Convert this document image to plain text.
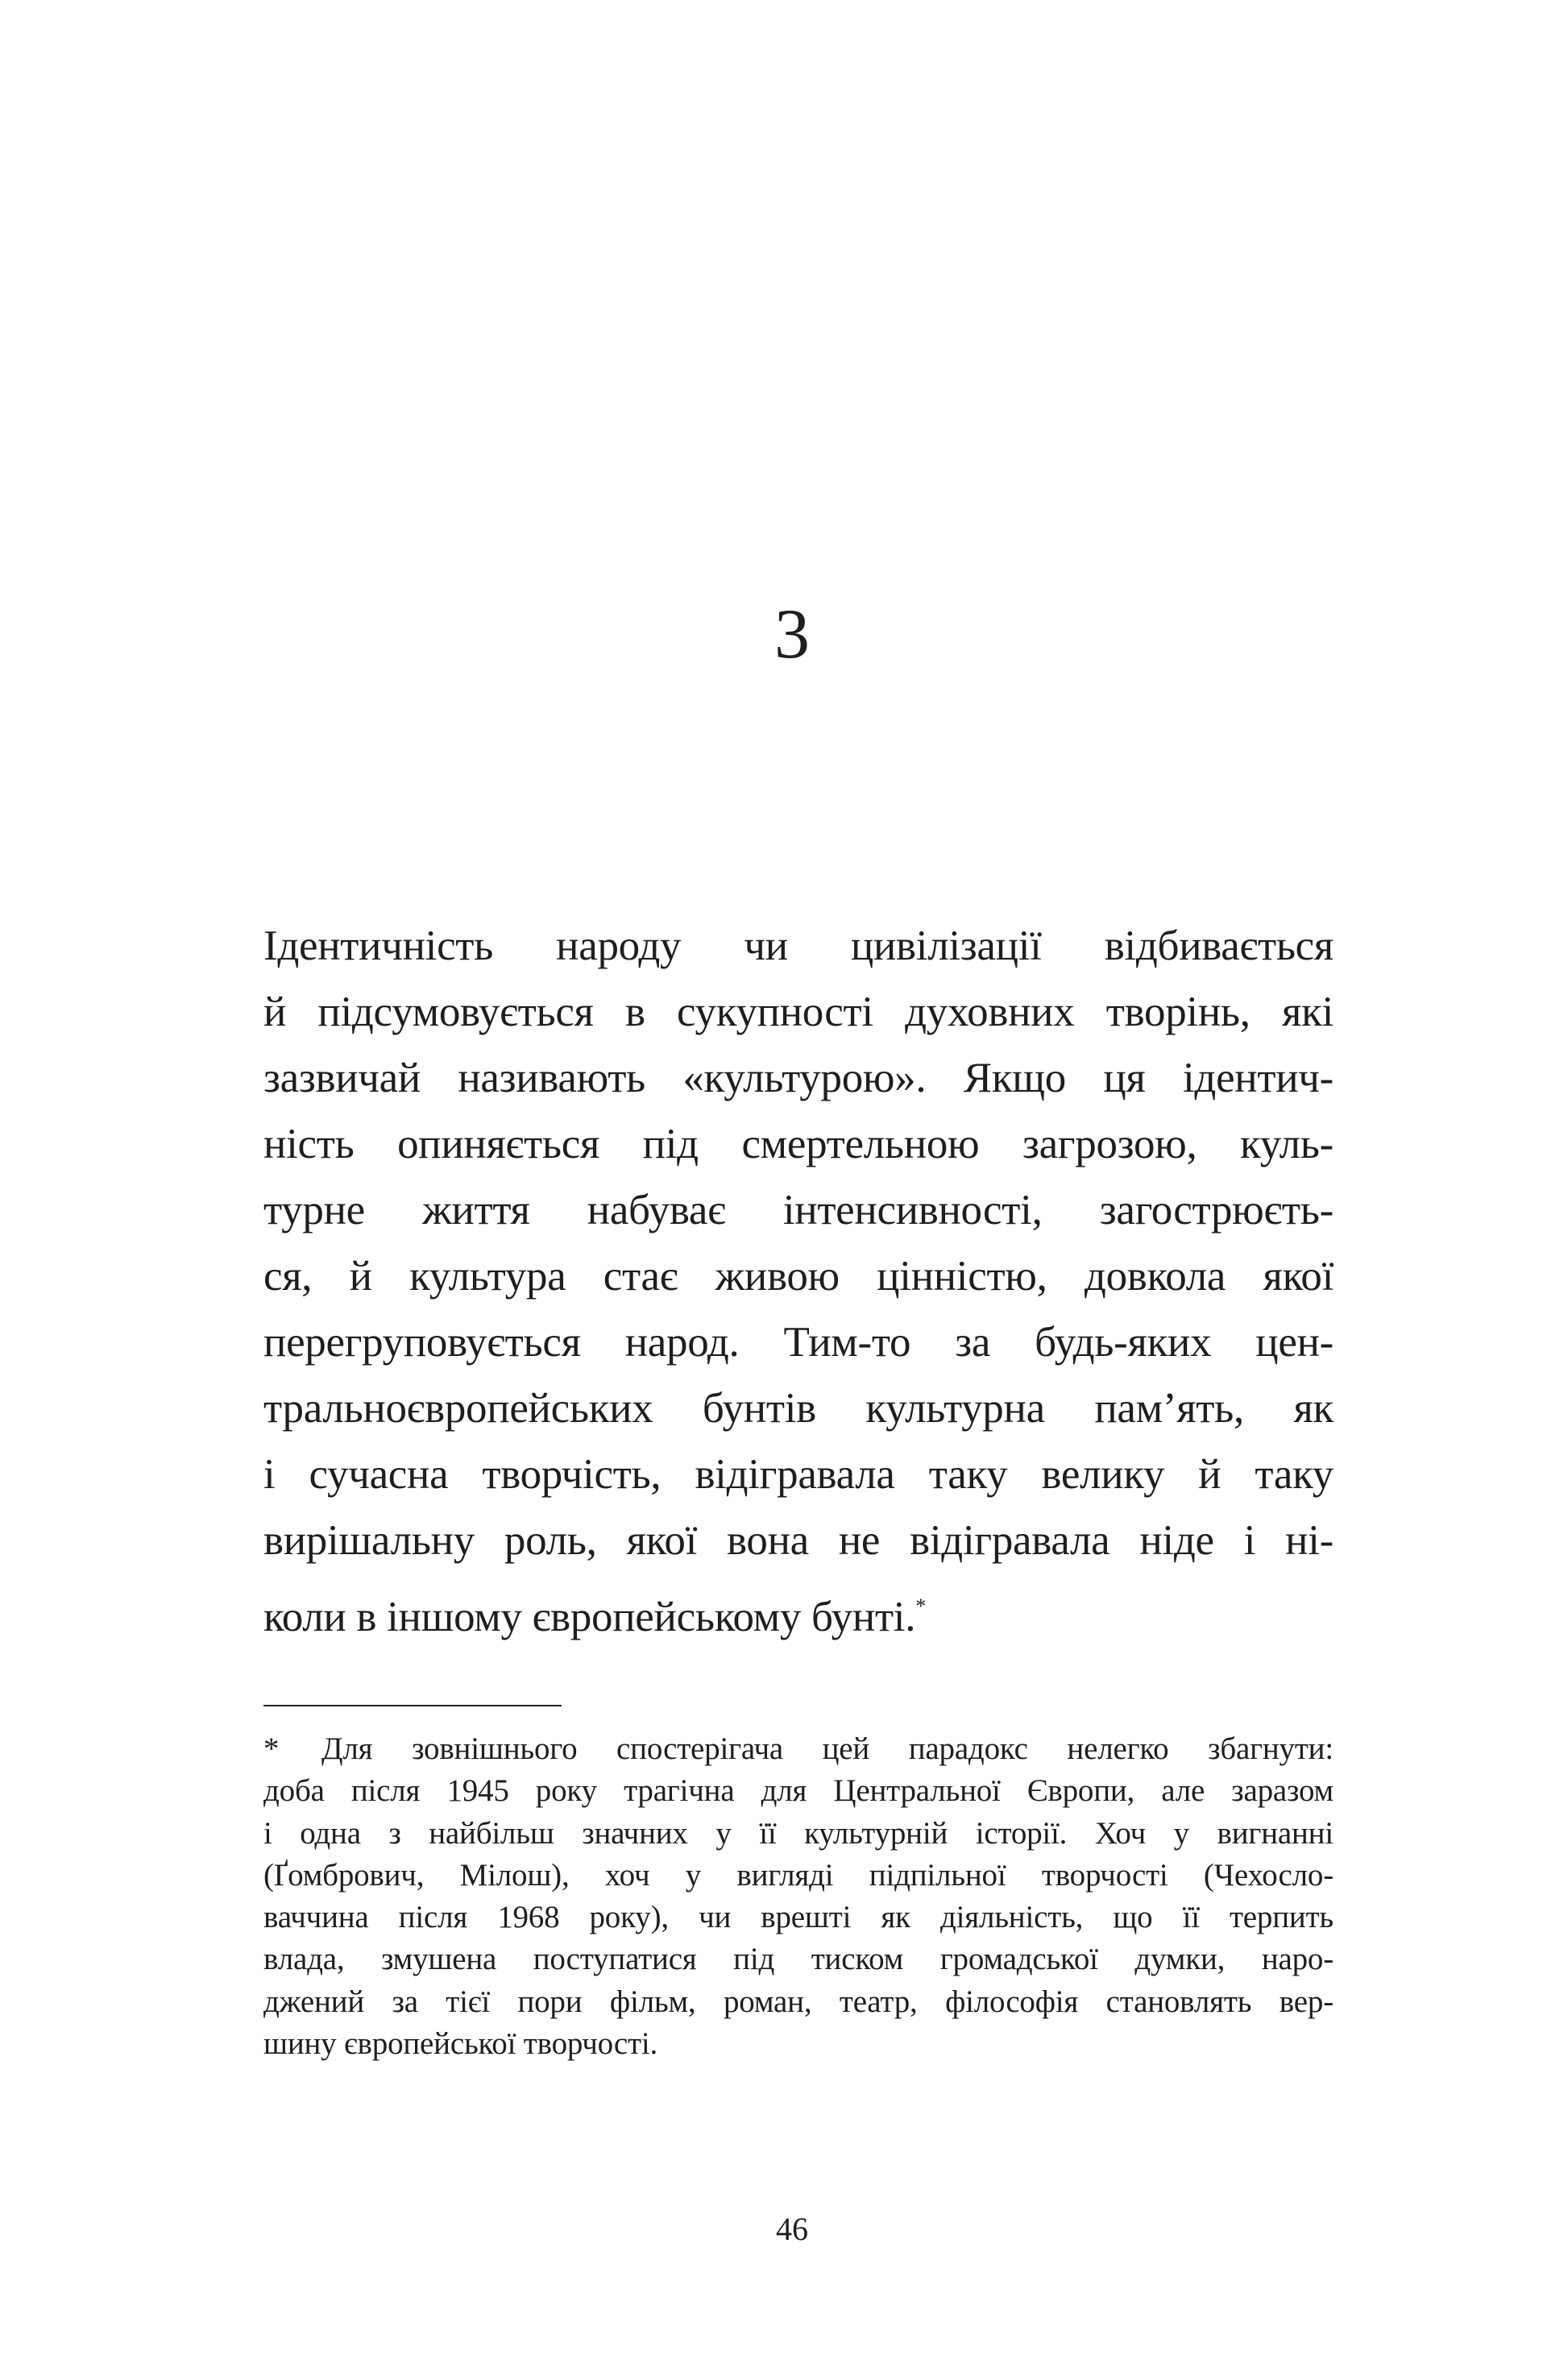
3
Ідентичність народу чи цивілізації відбивається
й підсумовується в сукупності духовних творінь, які
зазвичай називають «культурою». Якщо ця ідентич-
ність опиняється під смертельною загрозою, куль-
турне життя набуває інтенсивності, загострюєть-
ся, й культура стає живою цінністю, довкола якої
перегруповується народ. Тим-то за будь-яких цен-
тральноєвропейських бунтів культурна пам’ять, як
і сучасна творчість, відігравала таку велику й таку
вирішальну роль, якої вона не відігравала ніде і ні-
коли в іншому європейському бунті.*
* Для зовнішнього спостерігача цей парадокс нелегко збагнути:
доба після 1945 року трагічна для Центральної Європи, але заразом
і одна з найбільш значних у її культурній історії. Хоч у вигнанні
(Ґомбрович, Мілош), хоч у вигляді підпільної творчості (Чехосло-
ваччина після 1968 року), чи врешті як діяльність, що її терпить
влада, змушена поступатися під тиском громадської думки, наро-
джений за тієї пори фільм, роман, театр, філософія становлять вер-
шину європейської творчості.
46
